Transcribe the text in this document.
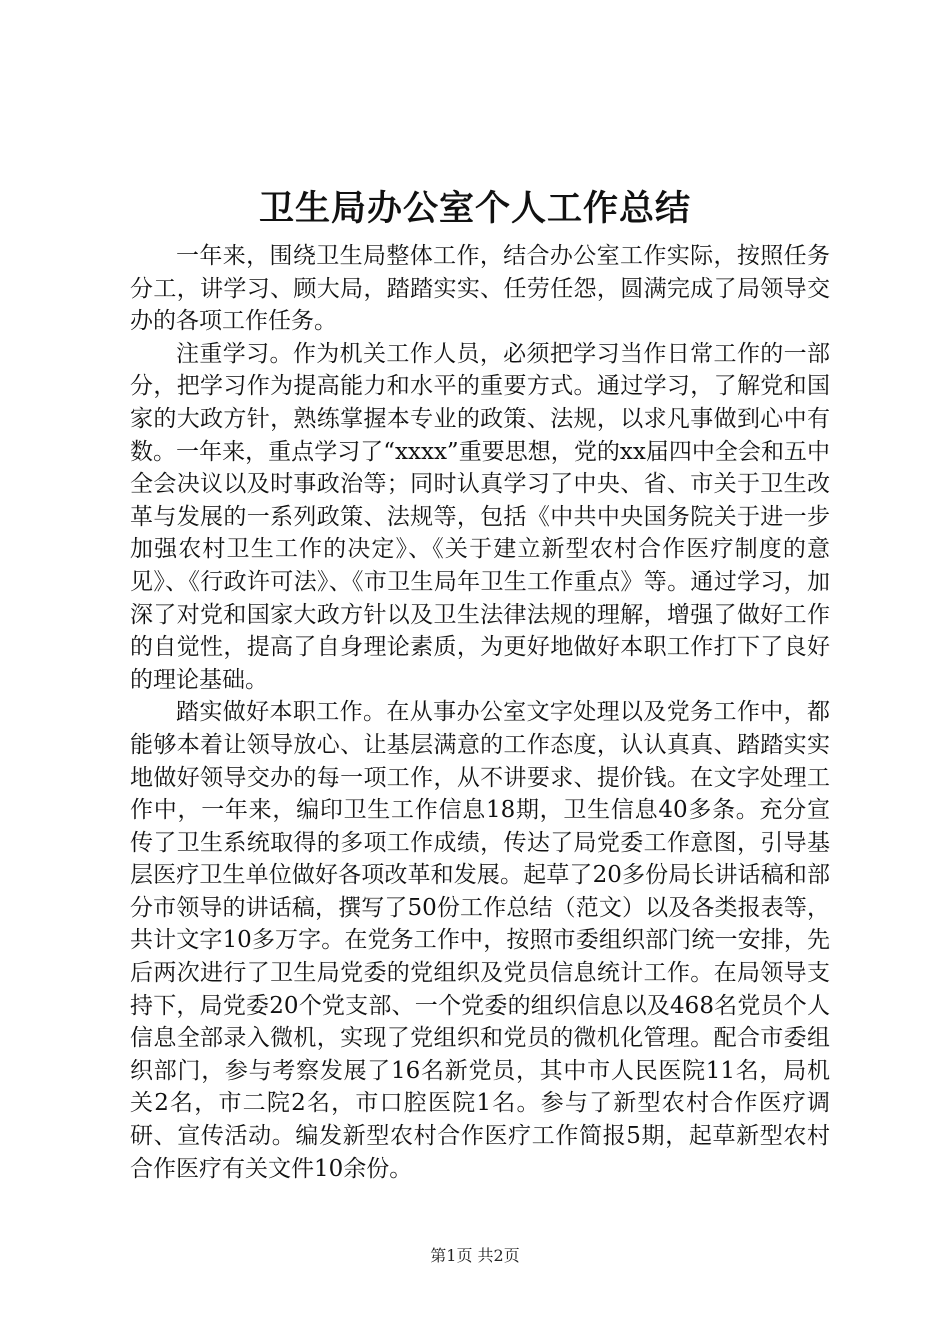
卫生局办公室个人工作总结

一年来，围绕卫生局整体工作，结合办公室工作实际，按照任务分工，讲学习、顾大局，踏踏实实、任劳任怨，圆满完成了局领导交办的各项工作任务。

注重学习。作为机关工作人员，必须把学习当作日常工作的一部分，把学习作为提高能力和水平的重要方式。通过学习，了解党和国家的大政方针，熟练掌握本专业的政策、法规，以求凡事做到心中有数。一年来，重点学习了“xxxx”重要思想，党的xx届四中全会和五中全会决议以及时事政治等；同时认真学习了中央、省、市关于卫生改革与发展的一系列政策、法规等，包括《中共中央国务院关于进一步加强农村卫生工作的决定》、《关于建立新型农村合作医疗制度的意见》、《行政许可法》、《市卫生局年卫生工作重点》等。通过学习，加深了对党和国家大政方针以及卫生法律法规的理解，增强了做好工作的自觉性，提高了自身理论素质，为更好地做好本职工作打下了良好的理论基础。

踏实做好本职工作。在从事办公室文字处理以及党务工作中，都能够本着让领导放心、让基层满意的工作态度，认认真真、踏踏实实地做好领导交办的每一项工作，从不讲要求、提价钱。在文字处理工作中，一年来，编印卫生工作信息18期，卫生信息40多条。充分宣传了卫生系统取得的多项工作成绩，传达了局党委工作意图，引导基层医疗卫生单位做好各项改革和发展。起草了20多份局长讲话稿和部分市领导的讲话稿，撰写了50份工作总结（范文）以及各类报表等，共计文字10多万字。在党务工作中，按照市委组织部门统一安排，先后两次进行了卫生局党委的党组织及党员信息统计工作。在局领导支持下，局党委20个党支部、一个党委的组织信息以及468名党员个人信息全部录入微机，实现了党组织和党员的微机化管理。配合市委组织部门，参与考察发展了16名新党员，其中市人民医院11名，局机关2名，市二院2名，市口腔医院1名。参与了新型农村合作医疗调研、宣传活动。编发新型农村合作医疗工作简报5期，起草新型农村合作医疗有关文件10余份。

第1页 共2页
